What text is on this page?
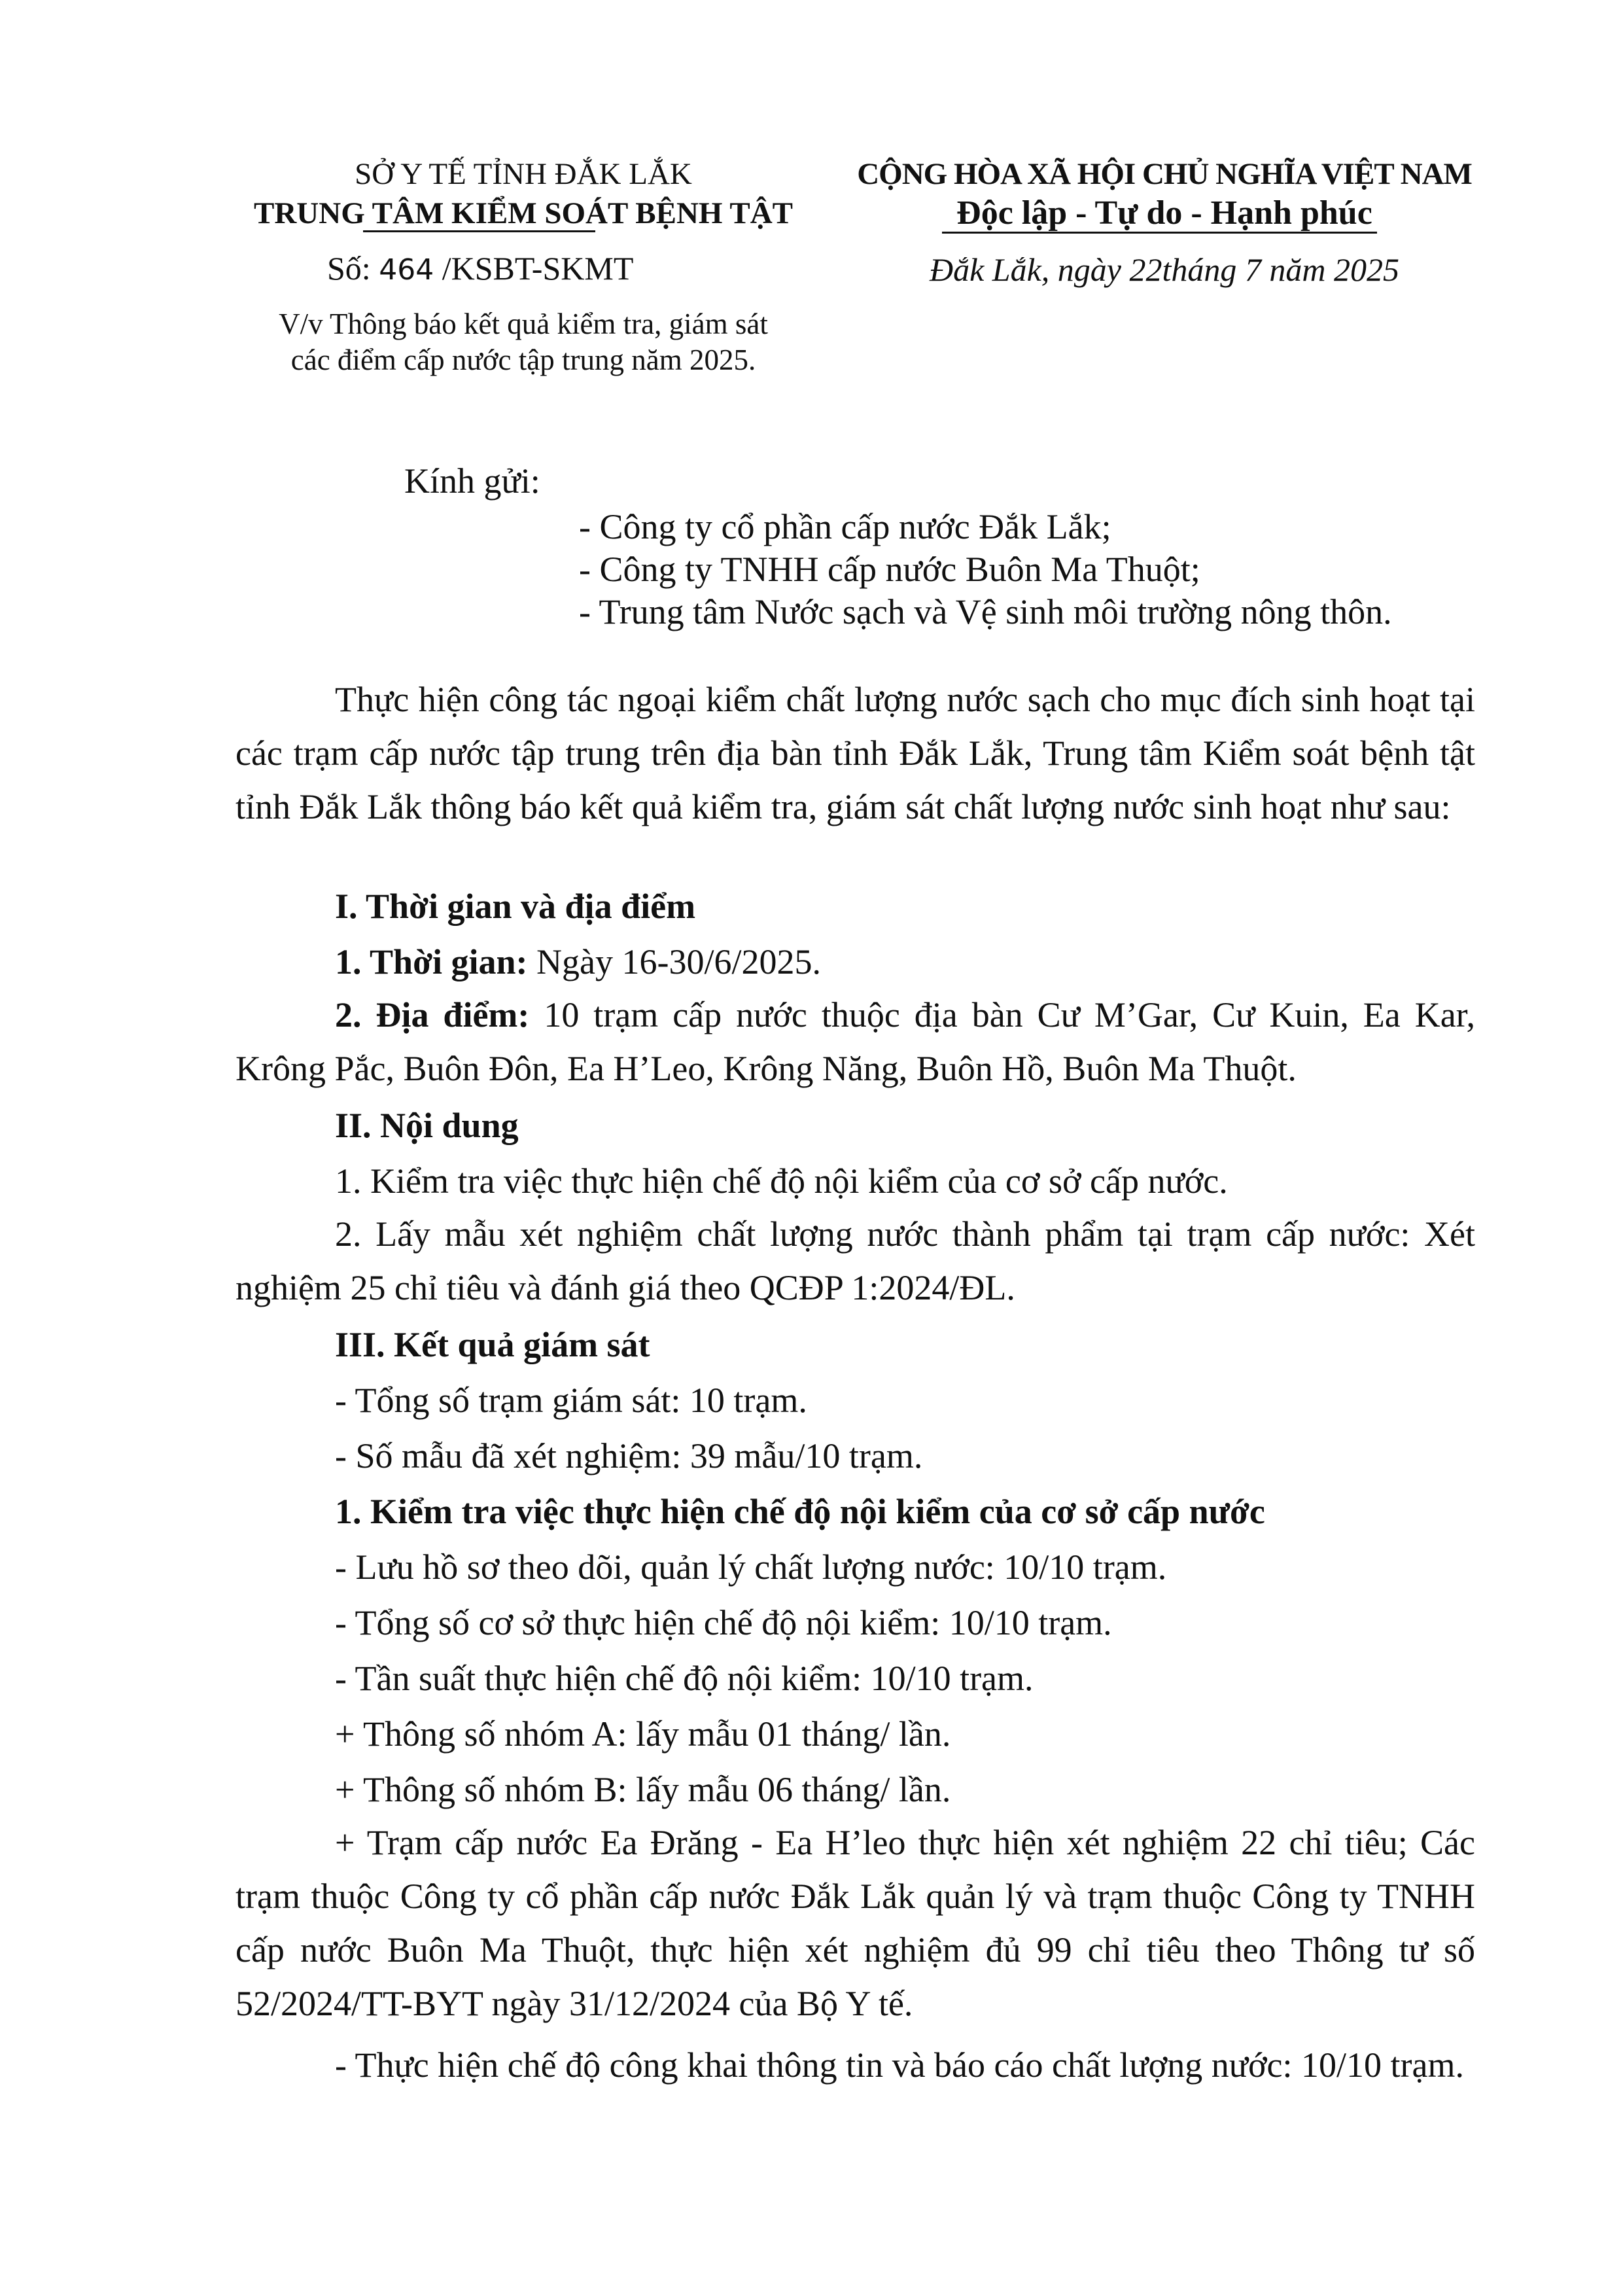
SỞ Y TẾ TỈNH ĐẮK LẮK
TRUNG TÂM KIỂM SOÁT BỆNH TẬT
Số: 464 /KSBT-SKMT
V/v Thông báo kết quả kiểm tra, giám sát
các điểm cấp nước tập trung năm 2025.
CỘNG HÒA XÃ HỘI CHỦ NGHĨA VIỆT NAM
Độc lập - Tự do - Hạnh phúc
Đắk Lắk, ngày 22tháng 7 năm 2025
Kính gửi:
- Công ty cổ phần cấp nước Đắk Lắk;
- Công ty TNHH cấp nước Buôn Ma Thuột;
- Trung tâm Nước sạch và Vệ sinh môi trường nông thôn.
Thực hiện công tác ngoại kiểm chất lượng nước sạch cho mục đích sinh hoạt tại các trạm cấp nước tập trung trên địa bàn tỉnh Đắk Lắk, Trung tâm Kiểm soát bệnh tật tỉnh Đắk Lắk thông báo kết quả kiểm tra, giám sát chất lượng nước sinh hoạt như sau:
I. Thời gian và địa điểm
1. Thời gian: Ngày 16-30/6/2025.
2. Địa điểm: 10 trạm cấp nước thuộc địa bàn Cư M’Gar, Cư Kuin, Ea Kar, Krông Pắc, Buôn Đôn, Ea H’Leo, Krông Năng, Buôn Hồ, Buôn Ma Thuột.
II. Nội dung
1. Kiểm tra việc thực hiện chế độ nội kiểm của cơ sở cấp nước.
2. Lấy mẫu xét nghiệm chất lượng nước thành phẩm tại trạm cấp nước: Xét nghiệm 25 chỉ tiêu và đánh giá theo QCĐP 1:2024/ĐL.
III. Kết quả giám sát
- Tổng số trạm giám sát: 10 trạm.
- Số mẫu đã xét nghiệm: 39 mẫu/10 trạm.
1. Kiểm tra việc thực hiện chế độ nội kiểm của cơ sở cấp nước
- Lưu hồ sơ theo dõi, quản lý chất lượng nước: 10/10 trạm.
- Tổng số cơ sở thực hiện chế độ nội kiểm: 10/10 trạm.
- Tần suất thực hiện chế độ nội kiểm: 10/10 trạm.
+ Thông số nhóm A: lấy mẫu 01 tháng/ lần.
+ Thông số nhóm B: lấy mẫu 06 tháng/ lần.
+ Trạm cấp nước Ea Đrăng - Ea H’leo thực hiện xét nghiệm 22 chỉ tiêu; Các trạm thuộc Công ty cổ phần cấp nước Đắk Lắk quản lý và trạm thuộc Công ty TNHH cấp nước Buôn Ma Thuột, thực hiện xét nghiệm đủ 99 chỉ tiêu theo Thông tư số 52/2024/TT-BYT ngày 31/12/2024 của Bộ Y tế.
- Thực hiện chế độ công khai thông tin và báo cáo chất lượng nước: 10/10 trạm.
